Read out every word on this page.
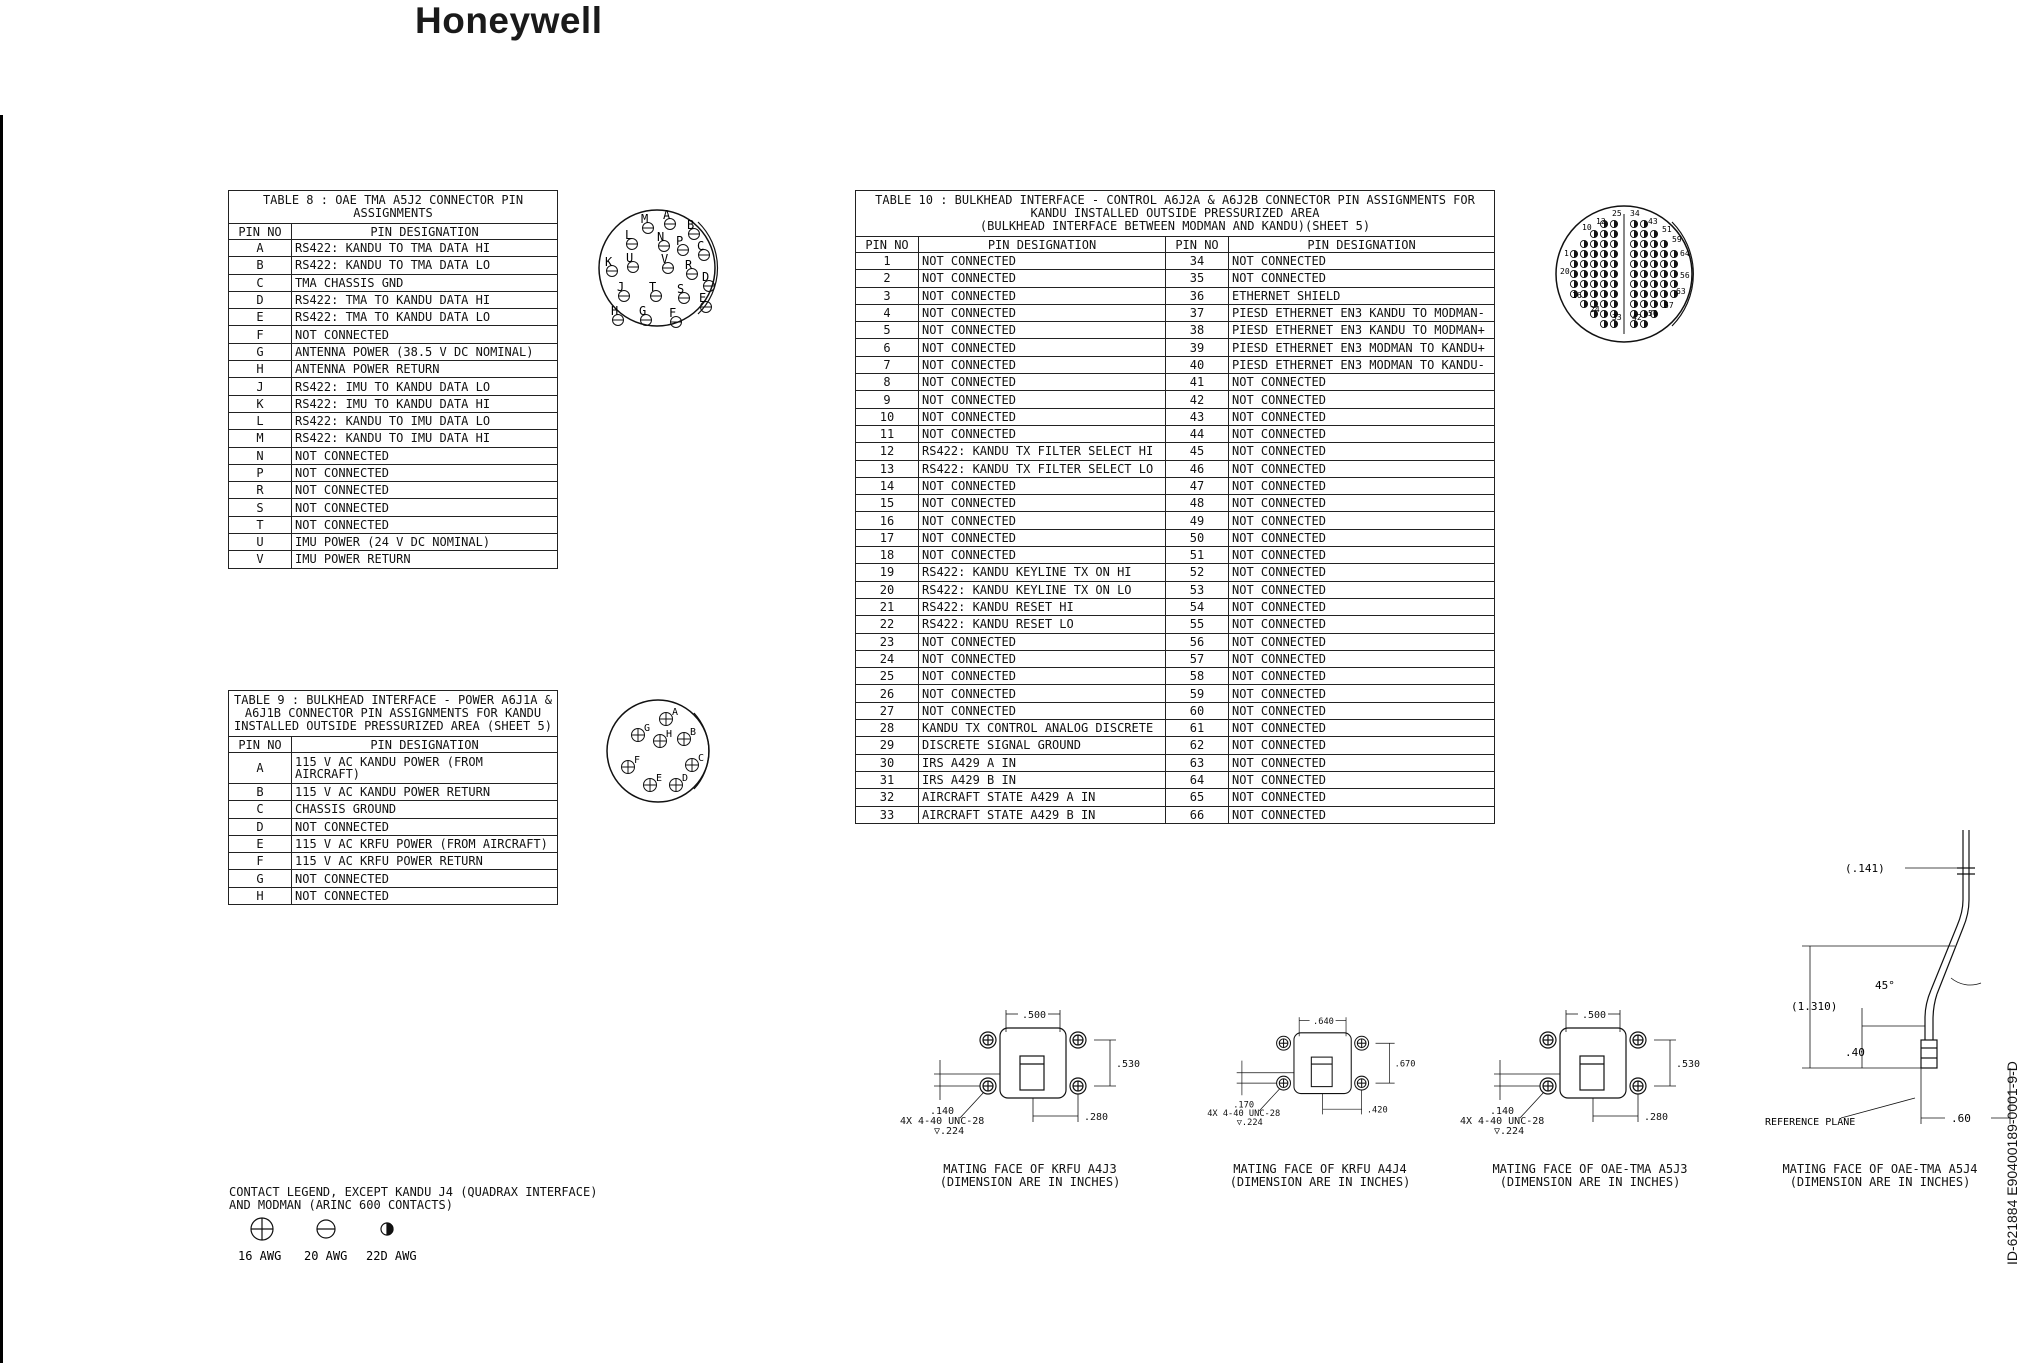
Honeywell
TABLE 8 : OAE TMA A5J2 CONNECTOR PIN ASSIGNMENTS	
PIN NO	PIN DESIGNATION
A	RS422: KANDU TO TMA DATA HI
B	RS422: KANDU TO TMA DATA LO
C	TMA CHASSIS GND
D	RS422: TMA TO KANDU DATA HI
E	RS422: TMA TO KANDU DATA LO
F	NOT CONNECTED
G	ANTENNA POWER (38.5 V DC NOMINAL)
H	ANTENNA POWER RETURN
J	RS422: IMU TO KANDU DATA LO
K	RS422: IMU TO KANDU DATA HI
L	RS422: KANDU TO IMU DATA LO
M	RS422: KANDU TO IMU DATA HI
N	NOT CONNECTED
P	NOT CONNECTED
R	NOT CONNECTED
S	NOT CONNECTED
T	NOT CONNECTED
U	IMU POWER (24 V DC NOMINAL)
V	IMU POWER RETURN
TABLE 9 : BULKHEAD INTERFACE - POWER A6J1A & A6J1B CONNECTOR PIN ASSIGNMENTS FOR KANDU INSTALLED OUTSIDE PRESSURIZED AREA (SHEET 5)	
PIN NO	PIN DESIGNATION
A	115 V AC KANDU POWER (FROM AIRCRAFT)
B	115 V AC KANDU POWER RETURN
C	CHASSIS GROUND
D	NOT CONNECTED
E	115 V AC KRFU POWER (FROM AIRCRAFT)
F	115 V AC KRFU POWER RETURN
G	NOT CONNECTED
H	NOT CONNECTED
TABLE 10 : BULKHEAD INTERFACE - CONTROL A6J2A & A6J2B CONNECTOR PIN ASSIGNMENTS FOR
KANDU INSTALLED OUTSIDE PRESSURIZED AREA
(BULKHEAD INTERFACE BETWEEN MODMAN AND KANDU)(SHEET 5)			

PIN NO	PIN DESIGNATION	PIN NO	PIN DESIGNATION
1	NOT CONNECTED	34	NOT CONNECTED
2	NOT CONNECTED	35	NOT CONNECTED
3	NOT CONNECTED	36	ETHERNET SHIELD
4	NOT CONNECTED	37	PIESD ETHERNET EN3 KANDU TO MODMAN-
5	NOT CONNECTED	38	PIESD ETHERNET EN3 KANDU TO MODMAN+
6	NOT CONNECTED	39	PIESD ETHERNET EN3 MODMAN TO KANDU+
7	NOT CONNECTED	40	PIESD ETHERNET EN3 MODMAN TO KANDU-
8	NOT CONNECTED	41	NOT CONNECTED
9	NOT CONNECTED	42	NOT CONNECTED
10	NOT CONNECTED	43	NOT CONNECTED
11	NOT CONNECTED	44	NOT CONNECTED
12	RS422: KANDU TX FILTER SELECT HI	45	NOT CONNECTED
13	RS422: KANDU TX FILTER SELECT LO	46	NOT CONNECTED
14	NOT CONNECTED	47	NOT CONNECTED
15	NOT CONNECTED	48	NOT CONNECTED
16	NOT CONNECTED	49	NOT CONNECTED
17	NOT CONNECTED	50	NOT CONNECTED
18	NOT CONNECTED	51	NOT CONNECTED
19	RS422: KANDU KEYLINE TX ON HI	52	NOT CONNECTED
20	RS422: KANDU KEYLINE TX ON LO	53	NOT CONNECTED
21	RS422: KANDU RESET HI	54	NOT CONNECTED
22	RS422: KANDU RESET LO	55	NOT CONNECTED
23	NOT CONNECTED	56	NOT CONNECTED
24	NOT CONNECTED	57	NOT CONNECTED
25	NOT CONNECTED	58	NOT CONNECTED
26	NOT CONNECTED	59	NOT CONNECTED
27	NOT CONNECTED	60	NOT CONNECTED
28	KANDU TX CONTROL ANALOG DISCRETE	61	NOT CONNECTED
29	DISCRETE SIGNAL GROUND	62	NOT CONNECTED
30	IRS A429 A IN	63	NOT CONNECTED
31	IRS A429 B IN	64	NOT CONNECTED
32	AIRCRAFT STATE A429 A IN	65	NOT CONNECTED
33	AIRCRAFT STATE A429 B IN	66	NOT CONNECTED
M A
B
L N P C
K U V R
D
J T S
E
H G F
A
G
H B
F	C
E D
10
12
25 34
43
51
59
64
1
56
20
63
57
16
24
33 42 50
.500
.530
.140
.280
4X 4-40 UNC-28
▽.224
MATING FACE OF KRFU A4J3
(DIMENSION ARE IN INCHES)
.640
.670
.170
.420
4X 4-40 UNC-28
▽.224
MATING FACE OF KRFU A4J4
(DIMENSION ARE IN INCHES)
.500
.530
.140
.280
4X 4-40 UNC-28
▽.224
MATING FACE OF OAE-TMA A5J3
(DIMENSION ARE IN INCHES)
(.141)
(1.310)
.40
45°
REFERENCE PLANE	.60
MATING FACE OF OAE-TMA A5J4
(DIMENSION ARE IN INCHES)
CONTACT LEGEND, EXCEPT KANDU J4 (QUADRAX INTERFACE)
AND MODMAN (ARINC 600 CONTACTS)
16 AWG 20 AWG 22D AWG	ID-621884 E90400189-0001-9-D
